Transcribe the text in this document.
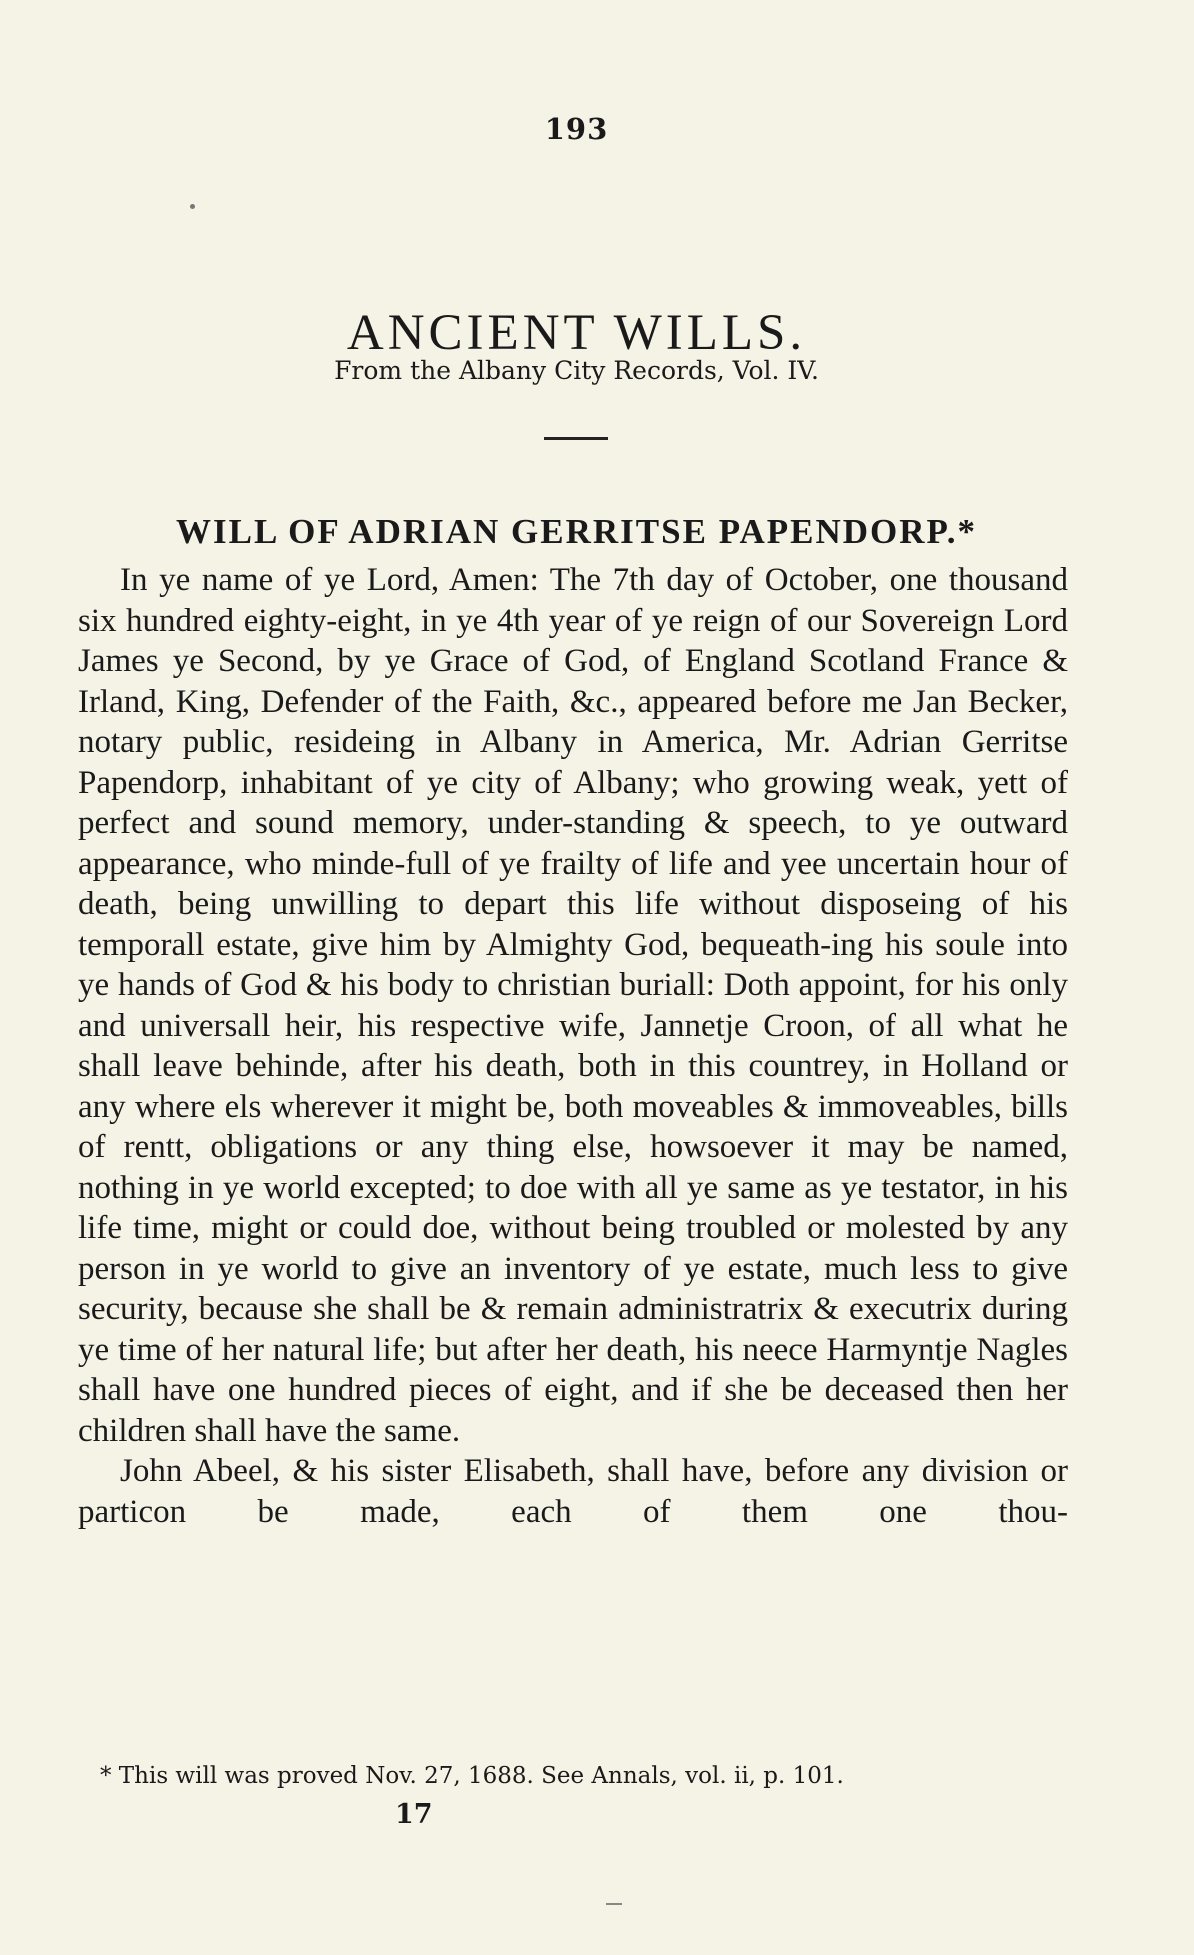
193
ANCIENT WILLS.
From the Albany City Records, Vol. IV.
WILL OF ADRIAN GERRITSE PAPENDORP.*

In ye name of ye Lord, Amen: The 7th day of October, one thousand six hundred eighty-eight, in ye 4th year of ye reign of our Sovereign Lord James ye Second, by ye Grace of God, of England Scotland France & Irland, King, Defender of the Faith, &c., appeared before me Jan Becker, notary public, resideing in Albany in America, Mr. Adrian Gerritse Papendorp, inhabitant of ye city of Albany; who growing weak, yett of perfect and sound memory, under-standing & speech, to ye outward appearance, who minde-full of ye frailty of life and yee uncertain hour of death, being unwilling to depart this life without disposeing of his temporall estate, give him by Almighty God, bequeath-ing his soule into ye hands of God & his body to christian buriall: Doth appoint, for his only and universall heir, his respective wife, Jannetje Croon, of all what he shall leave behinde, after his death, both in this countrey, in Holland or any where els wherever it might be, both moveables & immoveables, bills of rentt, obligations or any thing else, howsoever it may be named, nothing in ye world excepted; to doe with all ye same as ye testator, in his life time, might or could doe, without being troubled or molested by any person in ye world to give an inventory of ye estate, much less to give security, because she shall be & remain administratrix & executrix during ye time of her natural life; but after her death, his neece Harmyntje Nagles shall have one hundred pieces of eight, and if she be deceased then her children shall have the same.

John Abeel, & his sister Elisabeth, shall have, before any division or particon be made, each of them one thou-

* This will was proved Nov. 27, 1688. See Annals, vol. ii, p. 101.
17
